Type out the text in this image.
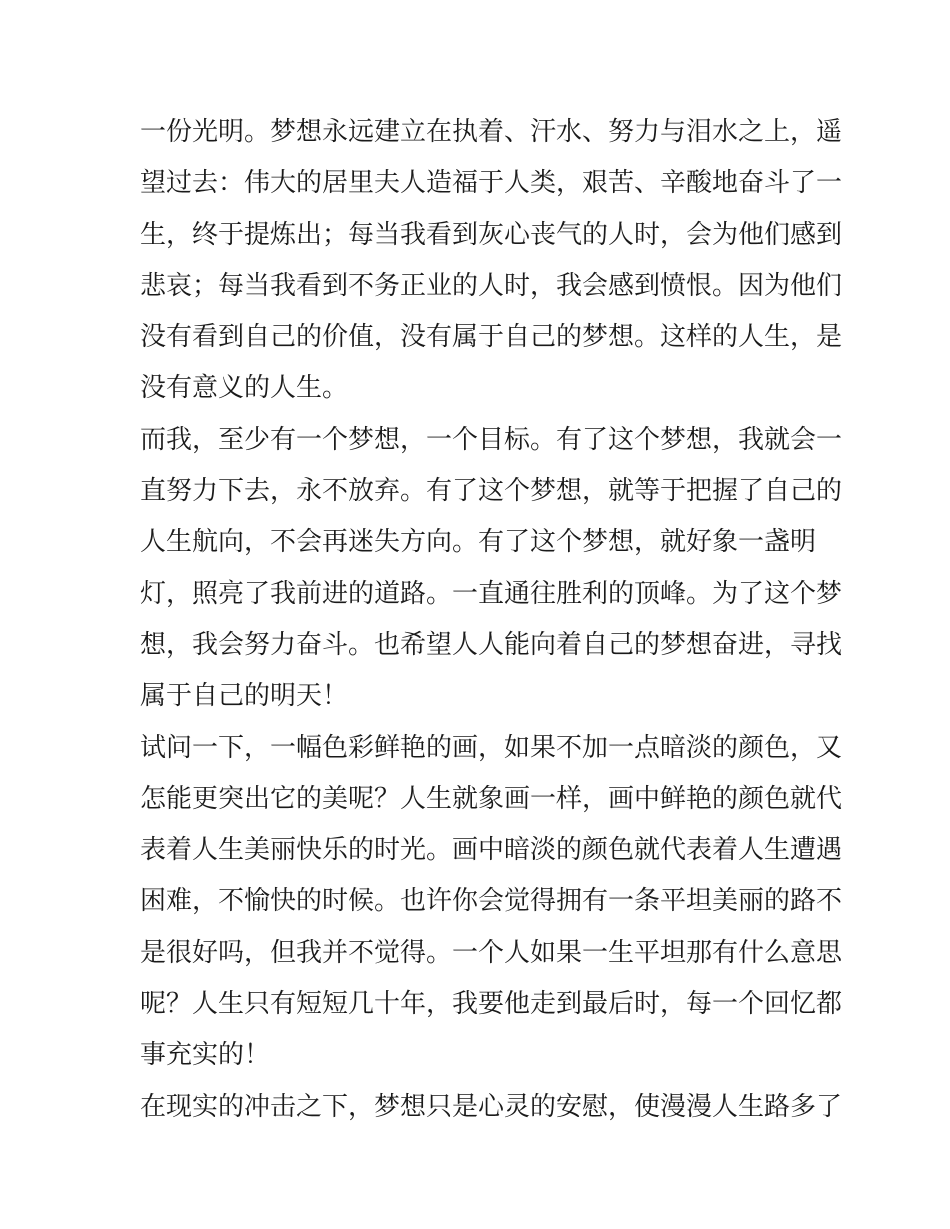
一份光明。梦想永远建立在执着、汗水、努力与泪水之上，遥
望过去：伟大的居里夫人造福于人类，艰苦、辛酸地奋斗了一
生，终于提炼出；每当我看到灰心丧气的人时，会为他们感到
悲哀；每当我看到不务正业的人时，我会感到愤恨。因为他们
没有看到自己的价值，没有属于自己的梦想。这样的人生，是
没有意义的人生。
而我，至少有一个梦想，一个目标。有了这个梦想，我就会一
直努力下去，永不放弃。有了这个梦想，就等于把握了自己的
人生航向，不会再迷失方向。有了这个梦想，就好象一盏明
灯，照亮了我前进的道路。一直通往胜利的顶峰。为了这个梦
想，我会努力奋斗。也希望人人能向着自己的梦想奋进，寻找
属于自己的明天！
试问一下，一幅色彩鲜艳的画，如果不加一点暗淡的颜色，又
怎能更突出它的美呢？人生就象画一样，画中鲜艳的颜色就代
表着人生美丽快乐的时光。画中暗淡的颜色就代表着人生遭遇
困难，不愉快的时候。也许你会觉得拥有一条平坦美丽的路不
是很好吗，但我并不觉得。一个人如果一生平坦那有什么意思
呢？人生只有短短几十年，我要他走到最后时，每一个回忆都
事充实的！
在现实的冲击之下，梦想只是心灵的安慰，使漫漫人生路多了
